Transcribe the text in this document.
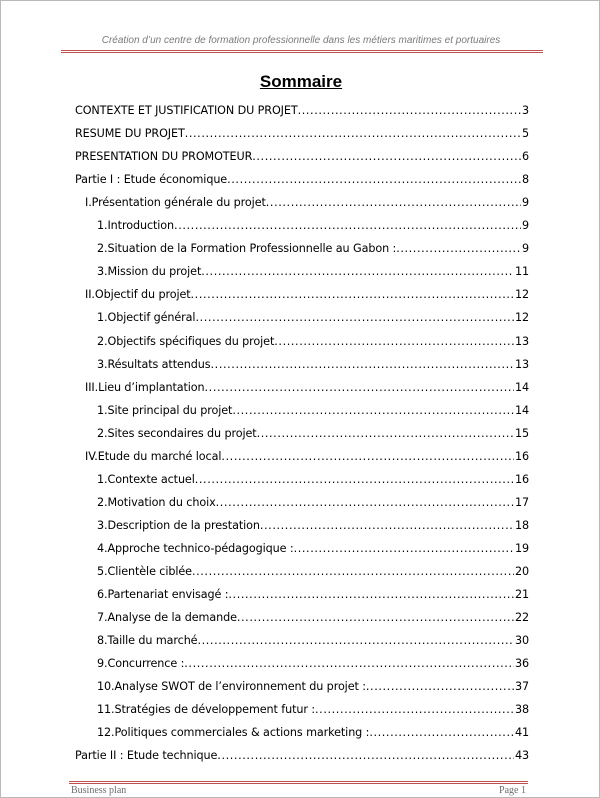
Création d’un centre de formation professionnelle dans les métiers maritimes et portuaires
Sommaire
CONTEXTE ET JUSTIFICATION DU PROJET .....	3
RESUME DU PROJET .....	5
PRESENTATION DU PROMOTEUR .....	6
Partie I : Etude économique .....	8
I. Présentation générale du projet .....	9
1. Introduction .....	9
2. Situation de la Formation Professionnelle au Gabon : .....	9
3. Mission du projet .....	11
II. Objectif du projet .....	12
1. Objectif général .....	12
2. Objectifs spécifiques du projet .....	13
3. Résultats attendus .....	13
III. Lieu d’implantation .....	14
1. Site principal du projet .....	14
2. Sites secondaires du projet .....	15
IV. Etude du marché local .....	16
1. Contexte actuel .....	16
2. Motivation du choix .....	17
3. Description de la prestation .....	18
4. Approche technico-pédagogique : .....	19
5. Clientèle ciblée .....	20
6. Partenariat envisagé : .....	21
7. Analyse de la demande .....	22
8. Taille du marché .....	30
9. Concurrence : .....	36
10. Analyse SWOT de l’environnement du projet : .....	37
11. Stratégies de développement futur : .....	38
12. Politiques commerciales & actions marketing : .....	41
Partie II : Etude technique .....	43
Business plan	Page 1
